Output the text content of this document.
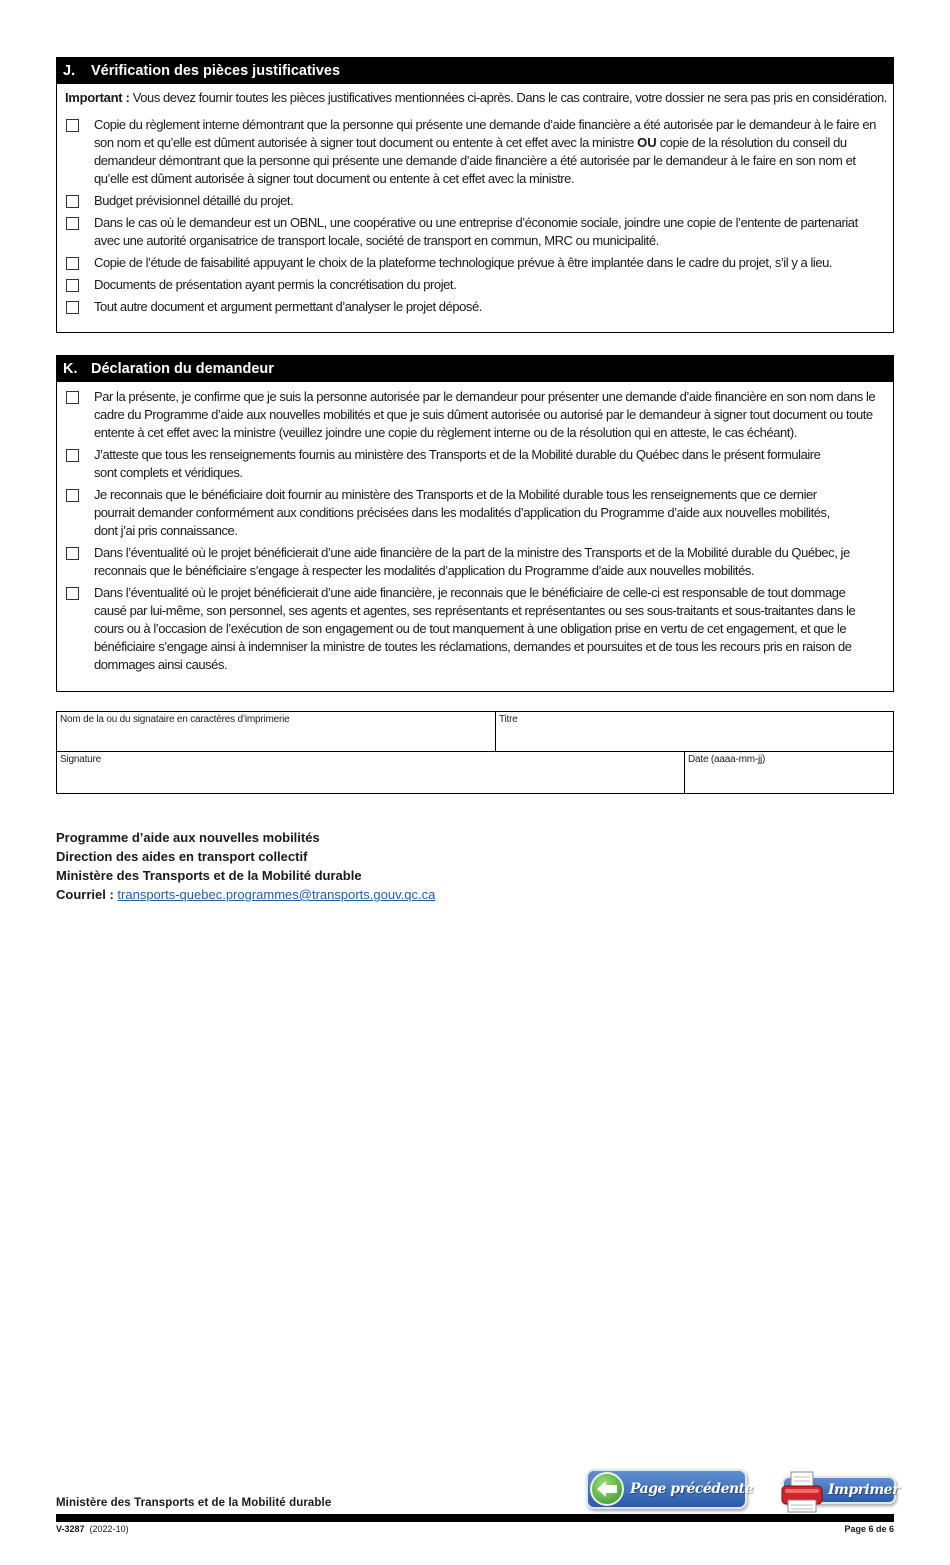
J. Vérification des pièces justificatives
Important : Vous devez fournir toutes les pièces justificatives mentionnées ci-après. Dans le cas contraire, votre dossier ne sera pas pris en considération.
Copie du règlement interne démontrant que la personne qui présente une demande d’aide financière a été autorisée par le demandeur à le faire en son nom et qu’elle est dûment autorisée à signer tout document ou entente à cet effet avec la ministre OU copie de la résolution du conseil du demandeur démontrant que la personne qui présente une demande d’aide financière a été autorisée par le demandeur à le faire en son nom et qu’elle est dûment autorisée à signer tout document ou entente à cet effet avec la ministre.
Budget prévisionnel détaillé du projet.
Dans le cas où le demandeur est un OBNL, une coopérative ou une entreprise d’économie sociale, joindre une copie de l’entente de partenariat avec une autorité organisatrice de transport locale, société de transport en commun, MRC ou municipalité.
Copie de l’étude de faisabilité appuyant le choix de la plateforme technologique prévue à être implantée dans le cadre du projet, s’il y a lieu.
Documents de présentation ayant permis la concrétisation du projet.
Tout autre document et argument permettant d’analyser le projet déposé.
K. Déclaration du demandeur
Par la présente, je confirme que je suis la personne autorisée par le demandeur pour présenter une demande d’aide financière en son nom dans le cadre du Programme d’aide aux nouvelles mobilités et que je suis dûment autorisée ou autorisé par le demandeur à signer tout document ou toute entente à cet effet avec la ministre (veuillez joindre une copie du règlement interne ou de la résolution qui en atteste, le cas échéant).
J’atteste que tous les renseignements fournis au ministère des Transports et de la Mobilité durable du Québec dans le présent formulaire sont complets et véridiques.
Je reconnais que le bénéficiaire doit fournir au ministère des Transports et de la Mobilité durable tous les renseignements que ce dernier pourrait demander conformément aux conditions précisées dans les modalités d’application du Programme d’aide aux nouvelles mobilités, dont j’ai pris connaissance.
Dans l’éventualité où le projet bénéficierait d’une aide financière de la part de la ministre des Transports et de la Mobilité durable du Québec, je reconnais que le bénéficiaire s’engage à respecter les modalités d’application du Programme d’aide aux nouvelles mobilités.
Dans l’éventualité où le projet bénéficierait d’une aide financière, je reconnais que le bénéficiaire de celle-ci est responsable de tout dommage causé par lui-même, son personnel, ses agents et agentes, ses représentants et représentantes ou ses sous-traitants et sous-traitantes dans le cours ou à l’occasion de l’exécution de son engagement ou de tout manquement à une obligation prise en vertu de cet engagement, et que le bénéficiaire s’engage ainsi à indemniser la ministre de toutes les réclamations, demandes et poursuites et de tous les recours pris en raison de dommages ainsi causés.
Nom de la ou du signataire en caractères d’imprimerie	Titre
Signature	Date (aaaa-mm-jj)
Programme d’aide aux nouvelles mobilités
Direction des aides en transport collectif
Ministère des Transports et de la Mobilité durable
Courriel : transports-quebec.programmes@transports.gouv.qc.ca
Page précédente	Imprimer
Ministère des Transports et de la Mobilité durable
V-3287 (2022-10)	Page 6 de 6
